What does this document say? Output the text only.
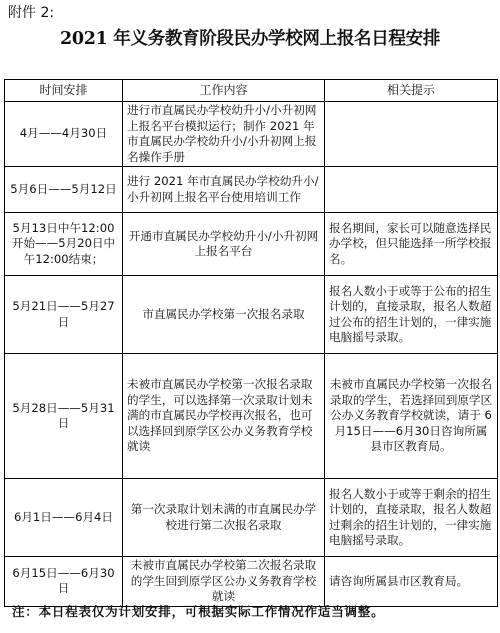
附件 2:
2021 年义务教育阶段民办学校网上报名日程安排
时间安排	工作内容	相关提示
4月——4月30日	进行市直属民办学校幼升小/小升初网上报名平台模拟运行；制作 2021 年市直属民办学校幼升小/小升初网上报名操作手册	
5月6日——5月12日	进行 2021 年市直属民办学校幼升小/小升初网上报名平台使用培训工作	
5月13日中午12:00开始——5月20日中午12:00结束；	开通市直属民办学校幼升小/小升初网上报名平台	报名期间，家长可以随意选择民办学校，但只能选择一所学校报名。
5月21日——5月27日	市直属民办学校第一次报名录取	报名人数小于或等于公布的招生计划的，直接录取，报名人数超过公布的招生计划的，一律实施电脑摇号录取。
5月28日——5月31日	未被市直属民办学校第一次报名录取的学生，可以选择第一次录取计划未满的市直属民办学校再次报名，也可以选择回到原学区公办义务教育学校就读	未被市直属民办学校第一次报名录取的学生，若选择回到原学区公办义务教育学校就读，请于 6月15日——6月30日咨询所属县市区教育局。
6月1日——6月4日	第一次录取计划未满的市直属民办学校进行第二次报名录取	报名人数小于或等于剩余的招生计划的，直接录取，报名人数超过剩余的招生计划的，一律实施电脑摇号录取。
6月15日——6月30日	未被市直属民办学校第二次报名录取的学生回到原学区公办义务教育学校就读	请咨询所属县市区教育局。
注：本日程表仅为计划安排，可根据实际工作情况作适当调整。
